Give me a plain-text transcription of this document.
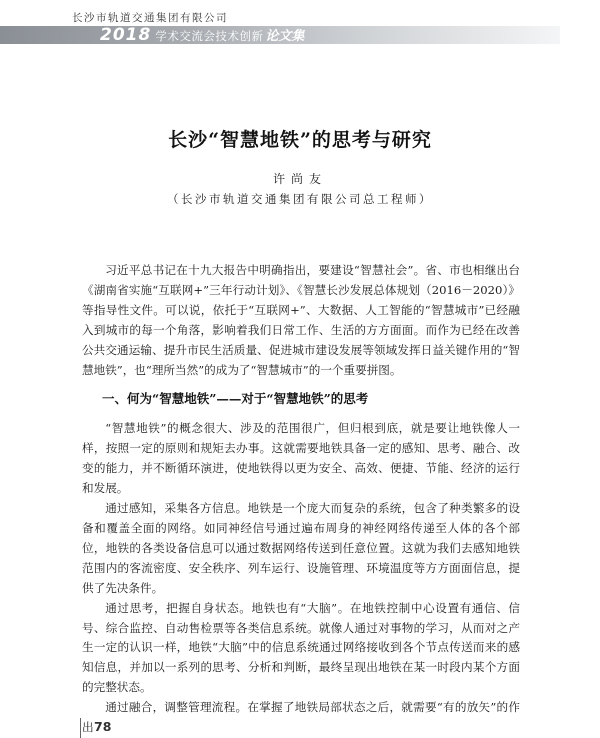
长沙市轨道交通集团有限公司
2018 学术交流会技术创新 论文集
长沙“智慧地铁”的思考与研究
许尚友
（长沙市轨道交通集团有限公司总工程师）

习近平总书记在十九大报告中明确指出，要建设“智慧社会”。省、市也相继出台《湖南省实施“互联网+”三年行动计划》、《智慧长沙发展总体规划（2016－2020）》等指导性文件。可以说，依托于“互联网+”、大数据、人工智能的“智慧城市”已经融入到城市的每一个角落，影响着我们日常工作、生活的方方面面。而作为已经在改善公共交通运输、提升市民生活质量、促进城市建设发展等领域发挥日益关键作用的“智慧地铁”，也“理所当然”的成为了“智慧城市”的一个重要拼图。

一、何为“智慧地铁”——对于“智慧地铁”的思考

“智慧地铁”的概念很大、涉及的范围很广，但归根到底，就是要让地铁像人一样，按照一定的原则和规矩去办事。这就需要地铁具备一定的感知、思考、融合、改变的能力，并不断循环演进，使地铁得以更为安全、高效、便捷、节能、经济的运行和发展。

通过感知，采集各方信息。地铁是一个庞大而复杂的系统，包含了种类繁多的设备和覆盖全面的网络。如同神经信号通过遍布周身的神经网络传递至人体的各个部位，地铁的各类设备信息可以通过数据网络传送到任意位置。这就为我们去感知地铁范围内的客流密度、安全秩序、列车运行、设施管理、环境温度等方方面面信息，提供了先决条件。

通过思考，把握自身状态。地铁也有“大脑”。在地铁控制中心设置有通信、信号、综合监控、自动售检票等各类信息系统。就像人通过对事物的学习，从而对之产生一定的认识一样，地铁“大脑”中的信息系统通过网络接收到各个节点传送而来的感知信息，并加以一系列的思考、分析和判断，最终呈现出地铁在某一时段内某个方面的完整状态。

通过融合，调整管理流程。在掌握了地铁局部状态之后，就需要“有的放矢”的作出 78
